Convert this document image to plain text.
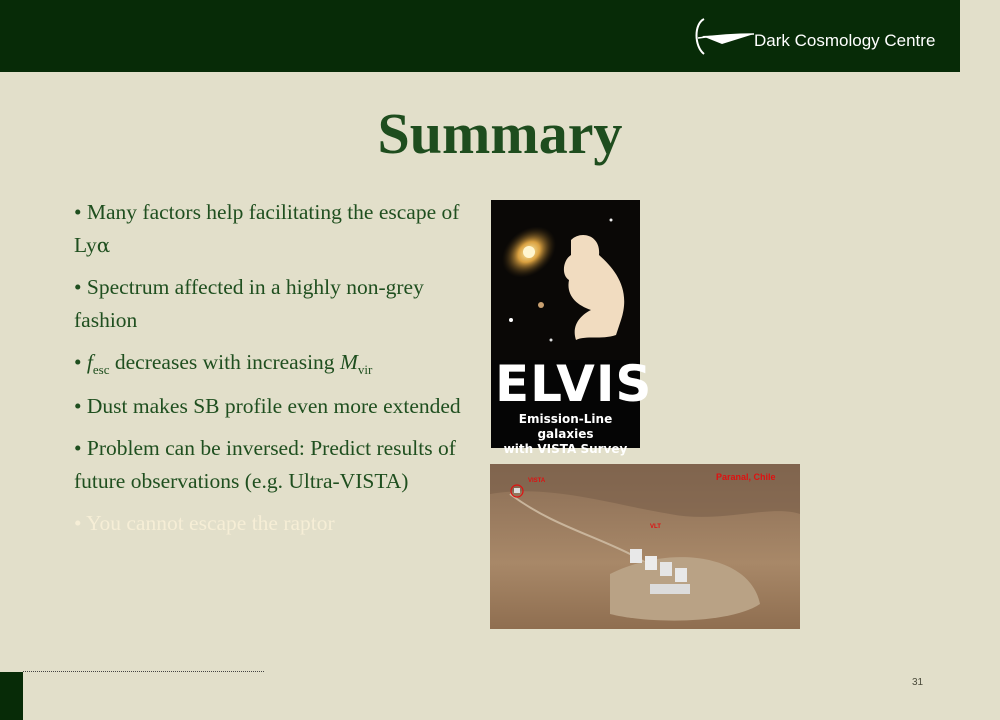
Dark Cosmology Centre
Summary
• Many factors help facilitating the escape of Lyα
• Spectrum affected in a highly non-grey fashion
• $f_{esc}$ decreases with increasing $M_{vir}$
• Dust makes SB profile even more extended
• Problem can be inversed: Predict results of future observations (e.g. Ultra-VISTA)
• You cannot escape the raptor
ELVIS
Emission-Line galaxies
with VISTA Survey
Paranal, Chile
VISTA
VLT
31
